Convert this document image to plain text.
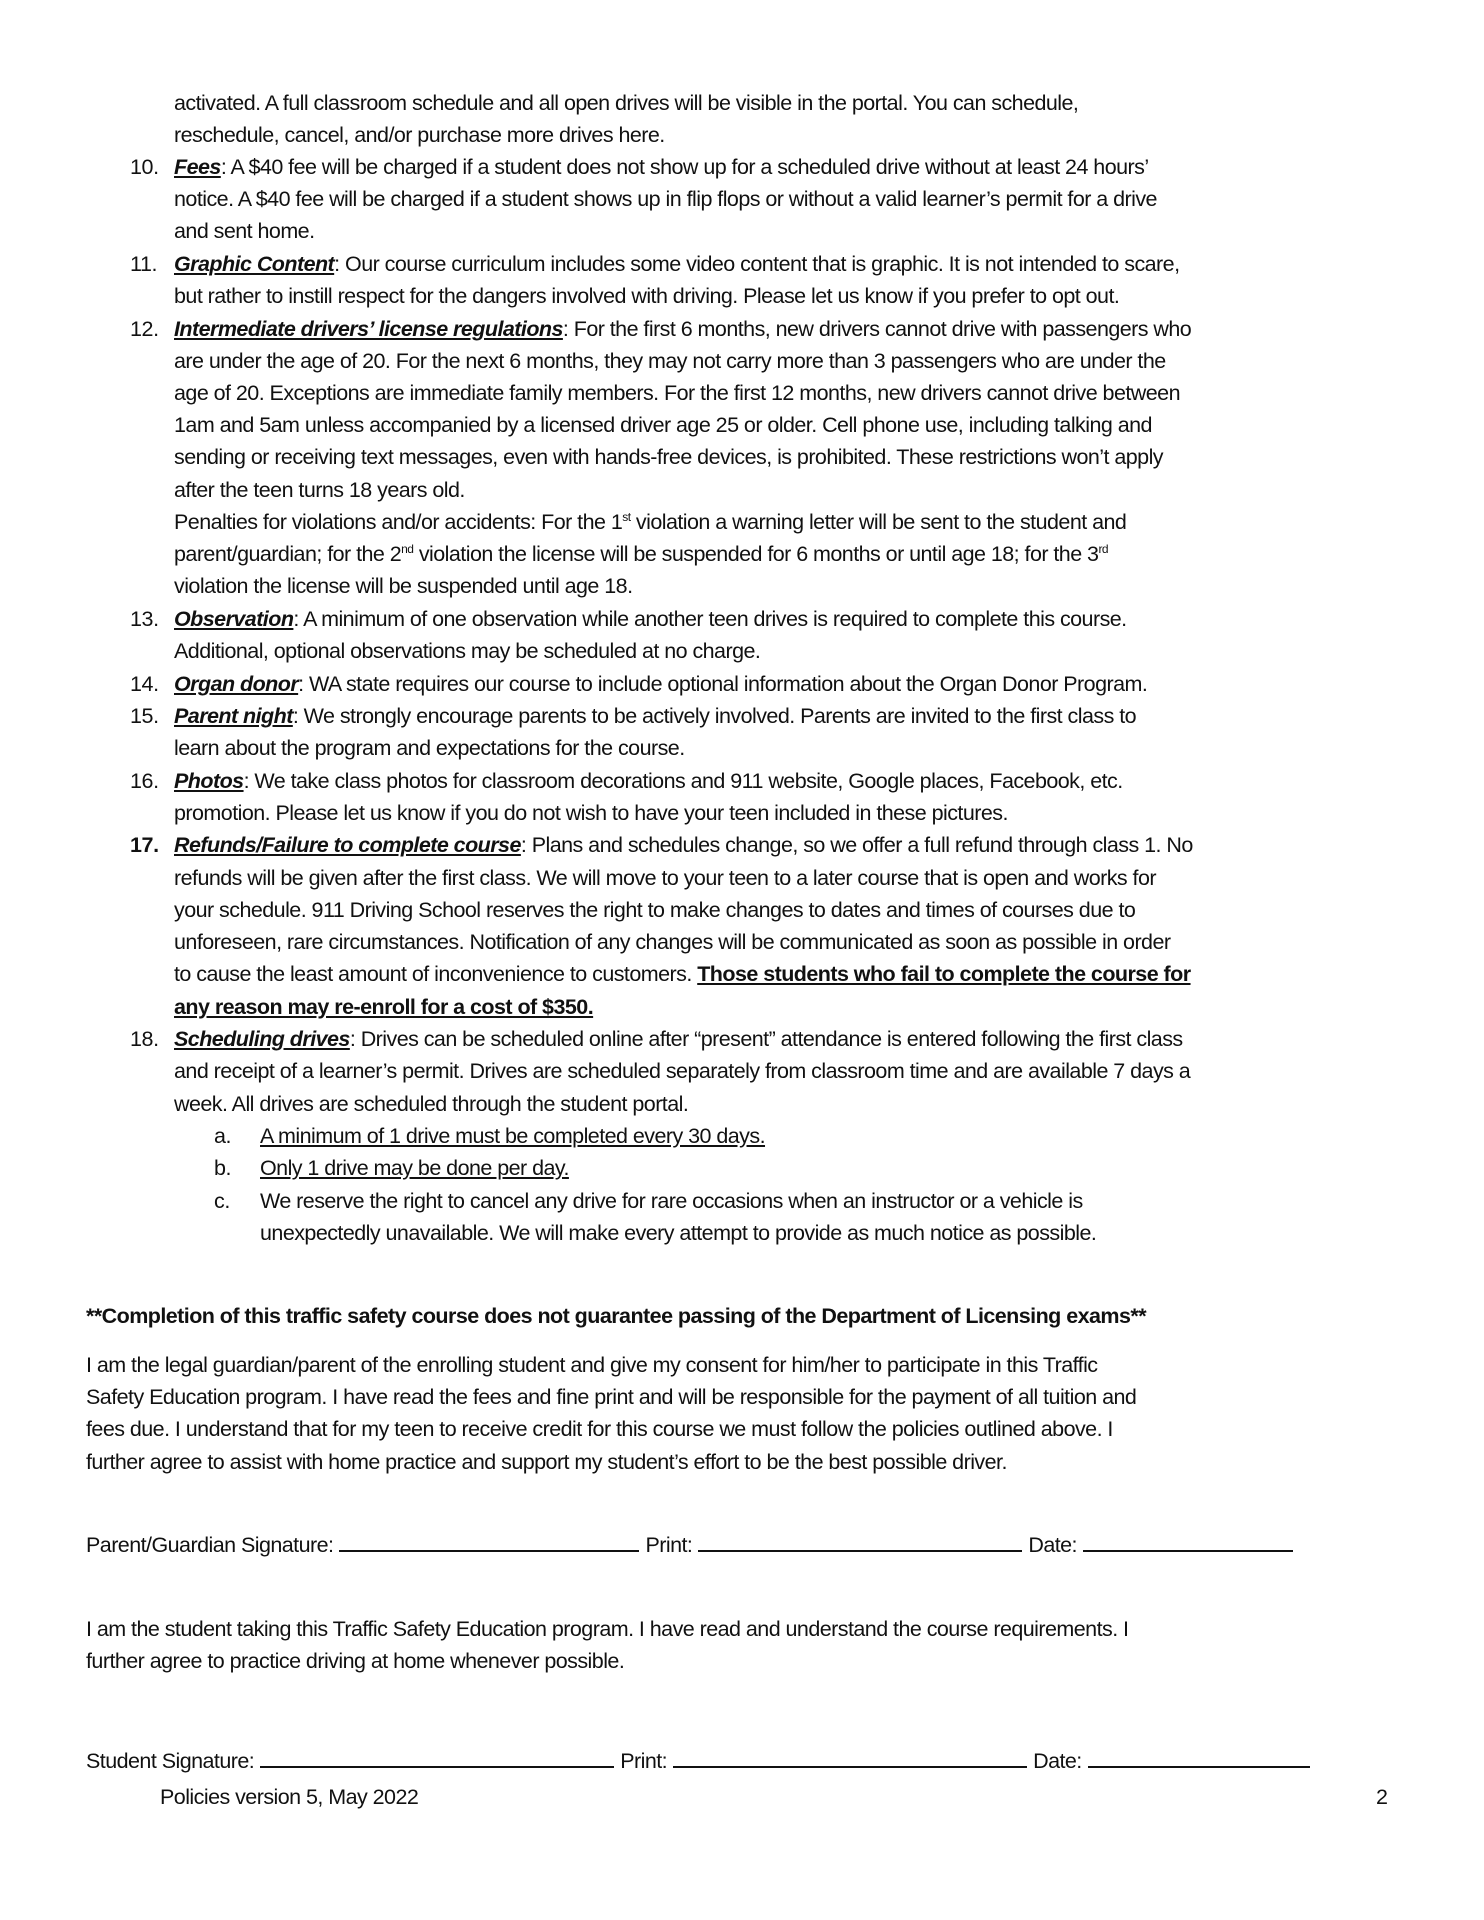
activated. A full classroom schedule and all open drives will be visible in the portal. You can schedule,
reschedule, cancel, and/or purchase more drives here.
10. Fees: A $40 fee will be charged if a student does not show up for a scheduled drive without at least 24 hours’
notice. A $40 fee will be charged if a student shows up in flip flops or without a valid learner’s permit for a drive
and sent home.
11. Graphic Content: Our course curriculum includes some video content that is graphic. It is not intended to scare,
but rather to instill respect for the dangers involved with driving. Please let us know if you prefer to opt out.
12. Intermediate drivers’ license regulations: For the first 6 months, new drivers cannot drive with passengers who
are under the age of 20. For the next 6 months, they may not carry more than 3 passengers who are under the
age of 20. Exceptions are immediate family members. For the first 12 months, new drivers cannot drive between
1am and 5am unless accompanied by a licensed driver age 25 or older. Cell phone use, including talking and
sending or receiving text messages, even with hands-free devices, is prohibited. These restrictions won’t apply
after the teen turns 18 years old.
Penalties for violations and/or accidents: For the 1st violation a warning letter will be sent to the student and
parent/guardian; for the 2nd violation the license will be suspended for 6 months or until age 18; for the 3rd
violation the license will be suspended until age 18.
13. Observation: A minimum of one observation while another teen drives is required to complete this course.
Additional, optional observations may be scheduled at no charge.
14. Organ donor: WA state requires our course to include optional information about the Organ Donor Program.
15. Parent night: We strongly encourage parents to be actively involved. Parents are invited to the first class to
learn about the program and expectations for the course.
16. Photos: We take class photos for classroom decorations and 911 website, Google places, Facebook, etc.
promotion. Please let us know if you do not wish to have your teen included in these pictures.
17. Refunds/Failure to complete course: Plans and schedules change, so we offer a full refund through class 1. No
refunds will be given after the first class. We will move to your teen to a later course that is open and works for
your schedule. 911 Driving School reserves the right to make changes to dates and times of courses due to
unforeseen, rare circumstances. Notification of any changes will be communicated as soon as possible in order
to cause the least amount of inconvenience to customers. Those students who fail to complete the course for
any reason may re-enroll for a cost of $350.
18. Scheduling drives: Drives can be scheduled online after “present” attendance is entered following the first class
and receipt of a learner’s permit. Drives are scheduled separately from classroom time and are available 7 days a
week. All drives are scheduled through the student portal.
a. A minimum of 1 drive must be completed every 30 days.
b. Only 1 drive may be done per day.
c. We reserve the right to cancel any drive for rare occasions when an instructor or a vehicle is
unexpectedly unavailable. We will make every attempt to provide as much notice as possible.
**Completion of this traffic safety course does not guarantee passing of the Department of Licensing exams**
I am the legal guardian/parent of the enrolling student and give my consent for him/her to participate in this Traffic
Safety Education program. I have read the fees and fine print and will be responsible for the payment of all tuition and
fees due. I understand that for my teen to receive credit for this course we must follow the policies outlined above. I
further agree to assist with home practice and support my student’s effort to be the best possible driver.
Parent/Guardian Signature:	Print:	Date:
I am the student taking this Traffic Safety Education program. I have read and understand the course requirements. I
further agree to practice driving at home whenever possible.
Student Signature:	Print:	Date:
Policies version 5, May 2022	2
